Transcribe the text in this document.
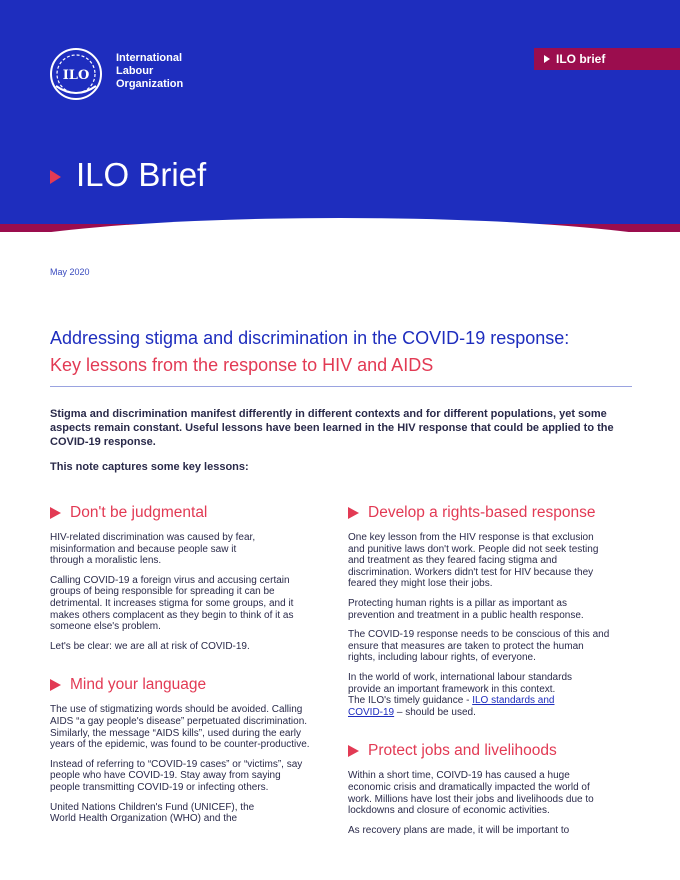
ILO
International
Labour
Organization
ILO brief
ILO Brief
May 2020
Addressing stigma and discrimination in the COVID-19 response:
Key lessons from the response to HIV and AIDS
Stigma and discrimination manifest differently in different contexts and for different populations, yet some aspects remain constant. Useful lessons have been learned in the HIV response that could be applied to the COVID-19 response.
This note captures some key lessons:
Don't be judgmental
HIV-related discrimination was caused by fear, misinformation and because people saw it through a moralistic lens.
Calling COVID-19 a foreign virus and accusing certain groups of being responsible for spreading it can be detrimental. It increases stigma for some groups, and it makes others complacent as they begin to think of it as someone else's problem.
Let's be clear: we are all at risk of COVID-19.
Mind your language
The use of stigmatizing words should be avoided. Calling AIDS “a gay people's disease” perpetuated discrimination. Similarly, the message “AIDS kills”, used during the early years of the epidemic, was found to be counter-productive.
Instead of referring to “COVID-19 cases” or “victims”, say people who have COVID-19. Stay away from saying people transmitting COVID-19 or infecting others.
United Nations Children's Fund (UNICEF), the
World Health Organization (WHO) and the
Develop a rights-based response
One key lesson from the HIV response is that exclusion and punitive laws don't work. People did not seek testing and treatment as they feared facing stigma and discrimination. Workers didn't test for HIV because they feared they might lose their jobs.
Protecting human rights is a pillar as important as prevention and treatment in a public health response.
The COVID-19 response needs to be conscious of this and ensure that measures are taken to protect the human rights, including labour rights, of everyone.
In the world of work, international labour standards provide an important framework in this context. The ILO's timely guidance - ILO standards and COVID-19 – should be used.
Protect jobs and livelihoods
Within a short time, COIVD-19 has caused a huge economic crisis and dramatically impacted the world of work. Millions have lost their jobs and livelihoods due to lockdowns and closure of economic activities.
As recovery plans are made, it will be important to
